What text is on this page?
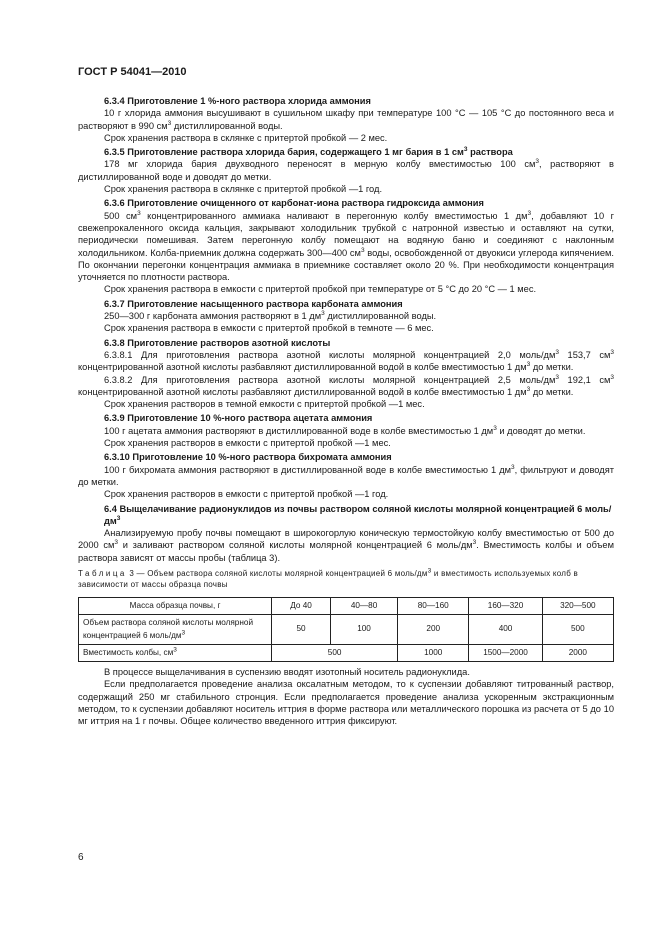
ГОСТ Р 54041—2010
6.3.4 Приготовление 1 %-ного раствора хлорида аммония
10 г хлорида аммония высушивают в сушильном шкафу при температуре 100 °С — 105 °С до постоянного веса и растворяют в 990 $см^3$ дистиллированной воды.
Срок хранения раствора в склянке с притертой пробкой — 2 мес.
6.3.5 Приготовление раствора хлорида бария, содержащего 1 мг бария в 1 $см^3$ раствора
178 мг хлорида бария двухводного переносят в мерную колбу вместимостью 100 $см^3$, растворяют в дистиллированной воде и доводят до метки.
Срок хранения раствора в склянке с притертой пробкой —1 год.
6.3.6 Приготовление очищенного от карбонат-иона раствора гидроксида аммония
500 $см^3$ концентрированного аммиака наливают в перегонную колбу вместимостью 1 $дм^3$, добавляют 10 г свежепрокаленного оксида кальция, закрывают холодильник трубкой с натронной известью и оставляют на сутки, периодически помешивая. Затем перегонную колбу помещают на водяную баню и соединяют с наклонным холодильником. Колба-приемник должна содержать 300—400 $см^3$ воды, освобожденной от двуокиси углерода кипячением. По окончании перегонки концентрация аммиака в приемнике составляет около 20 %. При необходимости концентрация уточняется по плотности раствора.
Срок хранения раствора в емкости с притертой пробкой при температуре от 5 °С до 20 °С — 1 мес.
6.3.7 Приготовление насыщенного раствора карбоната аммония
250—300 г карбоната аммония растворяют в 1 $дм^3$ дистиллированной воды.
Срок хранения раствора в емкости с притертой пробкой в темноте — 6 мес.
6.3.8 Приготовление растворов азотной кислоты
6.3.8.1 Для приготовления раствора азотной кислоты молярной концентрацией 2,0 моль/$дм^3$ 153,7 $см^3$ концентрированной азотной кислоты разбавляют дистиллированной водой в колбе вместимостью 1 $дм^3$ до метки.
6.3.8.2 Для приготовления раствора азотной кислоты молярной концентрацией 2,5 моль/$дм^3$ 192,1 $см^3$ концентрированной азотной кислоты разбавляют дистиллированной водой в колбе вместимостью 1 $дм^3$ до метки.
Срок хранения растворов в темной емкости с притертой пробкой —1 мес.
6.3.9 Приготовление 10 %-ного раствора ацетата аммония
100 г ацетата аммония растворяют в дистиллированной воде в колбе вместимостью 1 $дм^3$ и доводят до метки.
Срок хранения растворов в емкости с притертой пробкой —1 мес.
6.3.10 Приготовление 10 %-ного раствора бихромата аммония
100 г бихромата аммония растворяют в дистиллированной воде в колбе вместимостью 1 $дм^3$, фильтруют и доводят до метки.
Срок хранения растворов в емкости с притертой пробкой —1 год.
6.4 Выщелачивание радионуклидов из почвы раствором соляной кислоты молярной концентрацией 6 моль/$дм^3$
Анализируемую пробу почвы помещают в широкогорлую коническую термостойкую колбу вместимостью от 500 до 2000 $см^3$ и заливают раствором соляной кислоты молярной концентрацией 6 моль/$дм^3$. Вместимость колбы и объем раствора зависят от массы пробы (таблица 3).
Таблица 3 — Объем раствора соляной кислоты молярной концентрацией 6 моль/$дм^3$ и вместимость используемых колб в зависимости от массы образца почвы
Масса образца почвы, г	До 40	40—80	80—160	160—320	320—500
Объем раствора соляной кислоты молярной концентрацией 6 моль/$дм^3$	50	100	200	400	500
Вместимость колбы, $см^3$	500		1000	1500—2000	2000
В процессе выщелачивания в суспензию вводят изотопный носитель радионуклида.
Если предполагается проведение анализа оксалатным методом, то к суспензии добавляют титрованный раствор, содержащий 250 мг стабильного стронция. Если предполагается проведение анализа ускоренным экстракционным методом, то к суспензии добавляют носитель иттрия в форме раствора или металлического порошка из расчета от 5 до 10 мг иттрия на 1 г почвы. Общее количество введенного иттрия фиксируют.
6
